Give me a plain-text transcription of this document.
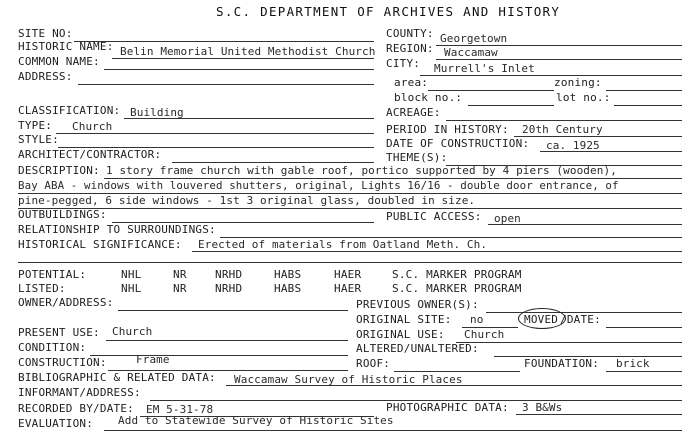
S.C. DEPARTMENT OF ARCHIVES AND HISTORY
SITE NO:	COUNTY: Georgetown
HISTORIC NAME: Belin Memorial United Methodist Church REGION: Waccamaw
COMMON NAME:	CITY: Murrell's Inlet
ADDRESS:	area:	zoning:
block no.:	lot no.:
CLASSIFICATION: Building	ACREAGE:
TYPE: Church	PERIOD IN HISTORY: 20th Century
STYLE:	DATE OF CONSTRUCTION: ca. 1925
ARCHITECT/CONTRACTOR:	THEME(S):
DESCRIPTION: 1 story frame church with gable roof, portico supported by 4 piers (wooden),
Bay ABA - windows with louvered shutters, original, Lights 16/16 - double door entrance, of
pine-pegged, 6 side windows - 1st 3 original glass, doubled in size.
OUTBUILDINGS:	PUBLIC ACCESS: open
RELATIONSHIP TO SURROUNDINGS:
HISTORICAL SIGNIFICANCE: Erected of materials from Oatland Meth. Ch.
POTENTIAL:	NHL	NR	NRHD	HABS	HAER	S.C. MARKER PROGRAM
LISTED:	NHL	NR	NRHD	HABS	HAER	S.C. MARKER PROGRAM
OWNER/ADDRESS:	PREVIOUS OWNER(S):
ORIGINAL SITE: no	MOVED /DATE:
PRESENT USE: Church	ORIGINAL USE: Church
CONDITION:	ALTERED/UNALTERED:
CONSTRUCTION:	Frame	ROOF:	FOUNDATION: brick
BIBLIOGRAPHIC & RELATED DATA: Waccamaw Survey of Historic Places
INFORMANT/ADDRESS:
RECORDED BY/DATE: EM 5-31-78	PHOTOGRAPHIC DATA: 3 B&Ws
EVALUATION: Add to Statewide Survey of Historic Sites
